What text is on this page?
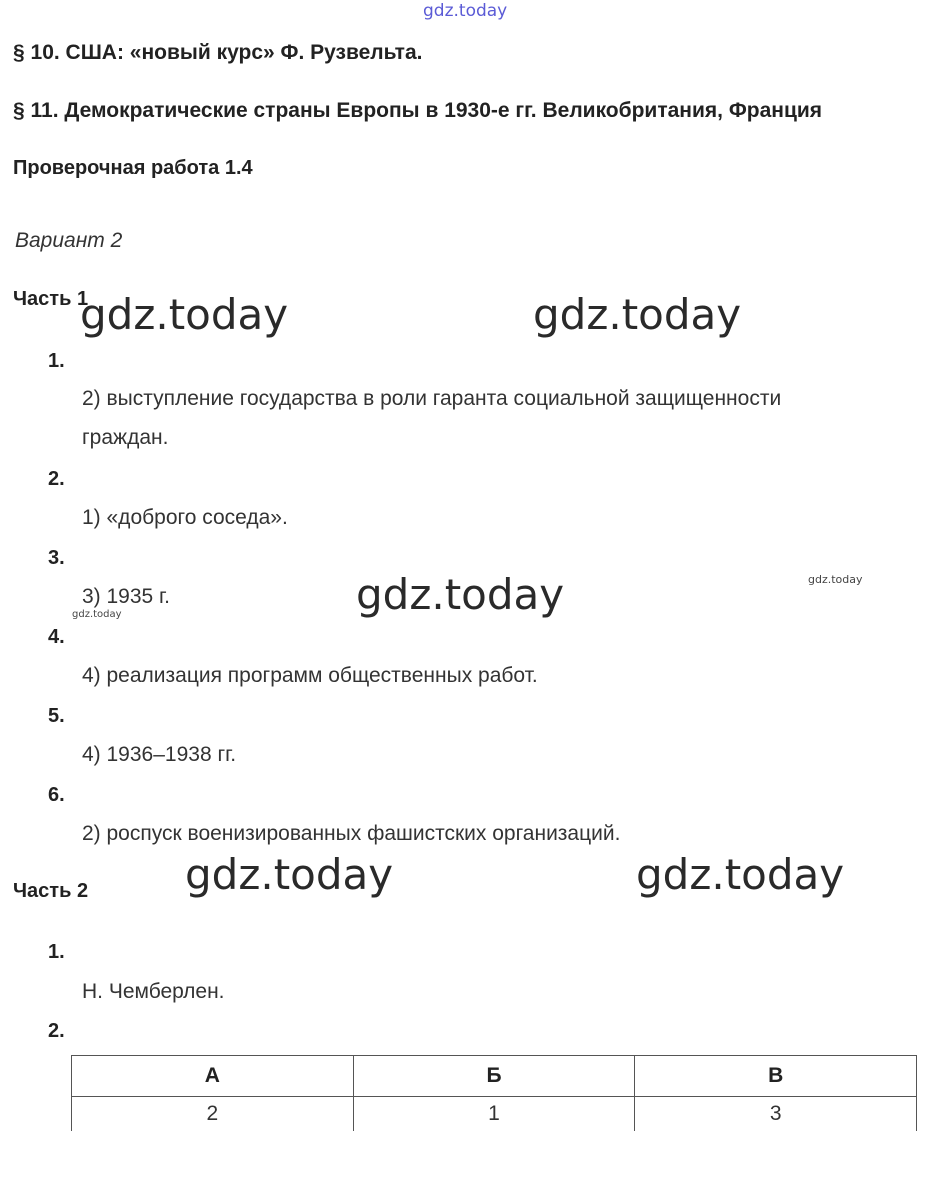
gdz.today
§ 10. США: «новый курс» Ф. Рузвельта.
§ 11. Демократические страны Европы в 1930-е гг. Великобритания, Франция
Проверочная работа 1.4
Вариант 2
Часть 1
1.
2) выступление государства в роли гаранта социальной защищенности
граждан.
2.
1) «доброго соседа».
3.
3) 1935 г.
4.
4) реализация программ общественных работ.
5.
4) 1936–1938 гг.
6.
2) роспуск военизированных фашистских организаций.
Часть 2
1.
Н. Чемберлен.
2.
А	Б	В
2	1	3
gdz.today	gdz.today
gdz.today
gdz.today	gdz.today
gdz.today
gdz.today
